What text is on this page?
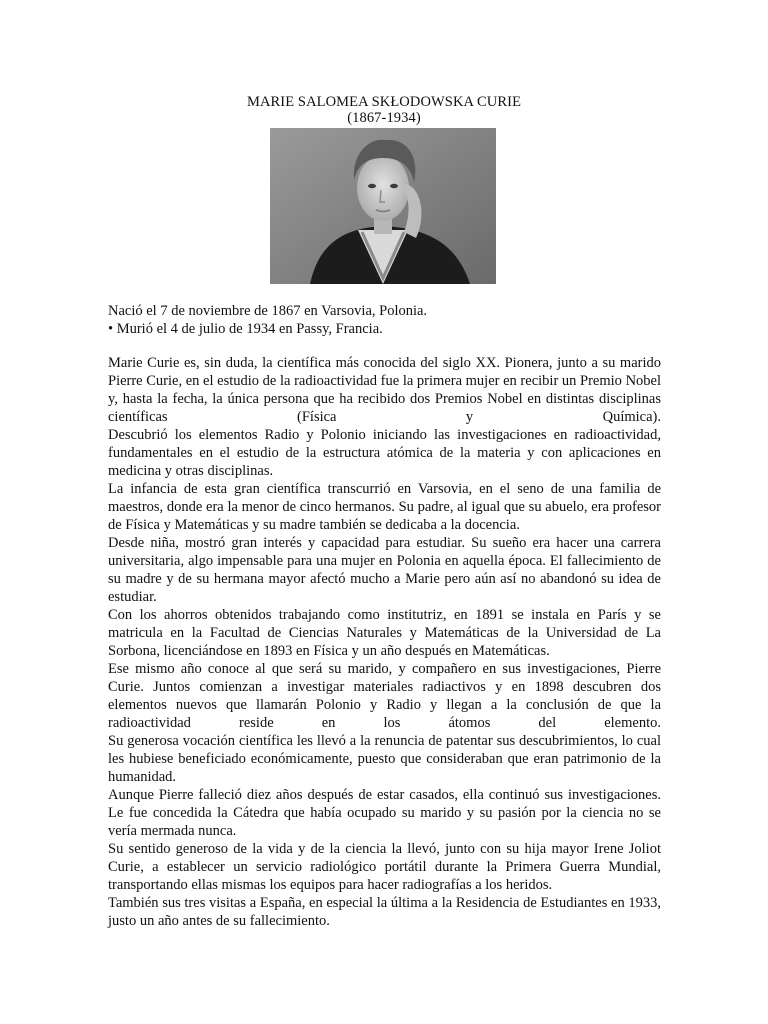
MARIE SALOMEA SKŁODOWSKA CURIE
(1867-1934)
Nació el 7 de noviembre de 1867 en Varsovia, Polonia.
• Murió el 4 de julio de 1934 en Passy, Francia.

Marie Curie es, sin duda, la científica más conocida del siglo XX. Pionera, junto a su marido Pierre Curie, en el estudio de la radioactividad fue la primera mujer en recibir un Premio Nobel y, hasta la fecha, la única persona que ha recibido dos Premios Nobel en distintas disciplinas científicas (Física y Química).

Descubrió los elementos Radio y Polonio iniciando las investigaciones en radioactividad, fundamentales en el estudio de la estructura atómica de la materia y con aplicaciones en medicina y otras disciplinas.

La infancia de esta gran científica transcurrió en Varsovia, en el seno de una familia de maestros, donde era la menor de cinco hermanos. Su padre, al igual que su abuelo, era profesor de Física y Matemáticas y su madre también se dedicaba a la docencia.

Desde niña, mostró gran interés y capacidad para estudiar. Su sueño era hacer una carrera universitaria, algo impensable para una mujer en Polonia en aquella época. El fallecimiento de su madre y de su hermana mayor afectó mucho a Marie pero aún así no abandonó su idea de estudiar.

Con los ahorros obtenidos trabajando como institutriz, en 1891 se instala en París y se matricula en la Facultad de Ciencias Naturales y Matemáticas de la Universidad de La Sorbona, licenciándose en 1893 en Física y un año después en Matemáticas.

Ese mismo año conoce al que será su marido, y compañero en sus investigaciones, Pierre Curie. Juntos comienzan a investigar materiales radiactivos y en 1898 descubren dos elementos nuevos que llamarán Polonio y Radio y llegan a la conclusión de que la radioactividad reside en los átomos del elemento.

Su generosa vocación científica les llevó a la renuncia de patentar sus descubrimientos, lo cual les hubiese beneficiado económicamente, puesto que consideraban que eran patrimonio de la humanidad.

Aunque Pierre falleció diez años después de estar casados, ella continuó sus investigaciones. Le fue concedida la Cátedra que había ocupado su marido y su pasión por la ciencia no se vería mermada nunca.

Su sentido generoso de la vida y de la ciencia la llevó, junto con su hija mayor Irene Joliot Curie, a establecer un servicio radiológico portátil durante la Primera Guerra Mundial, transportando ellas mismas los equipos para hacer radiografías a los heridos.

También sus tres visitas a España, en especial la última a la Residencia de Estudiantes en 1933, justo un año antes de su fallecimiento.
